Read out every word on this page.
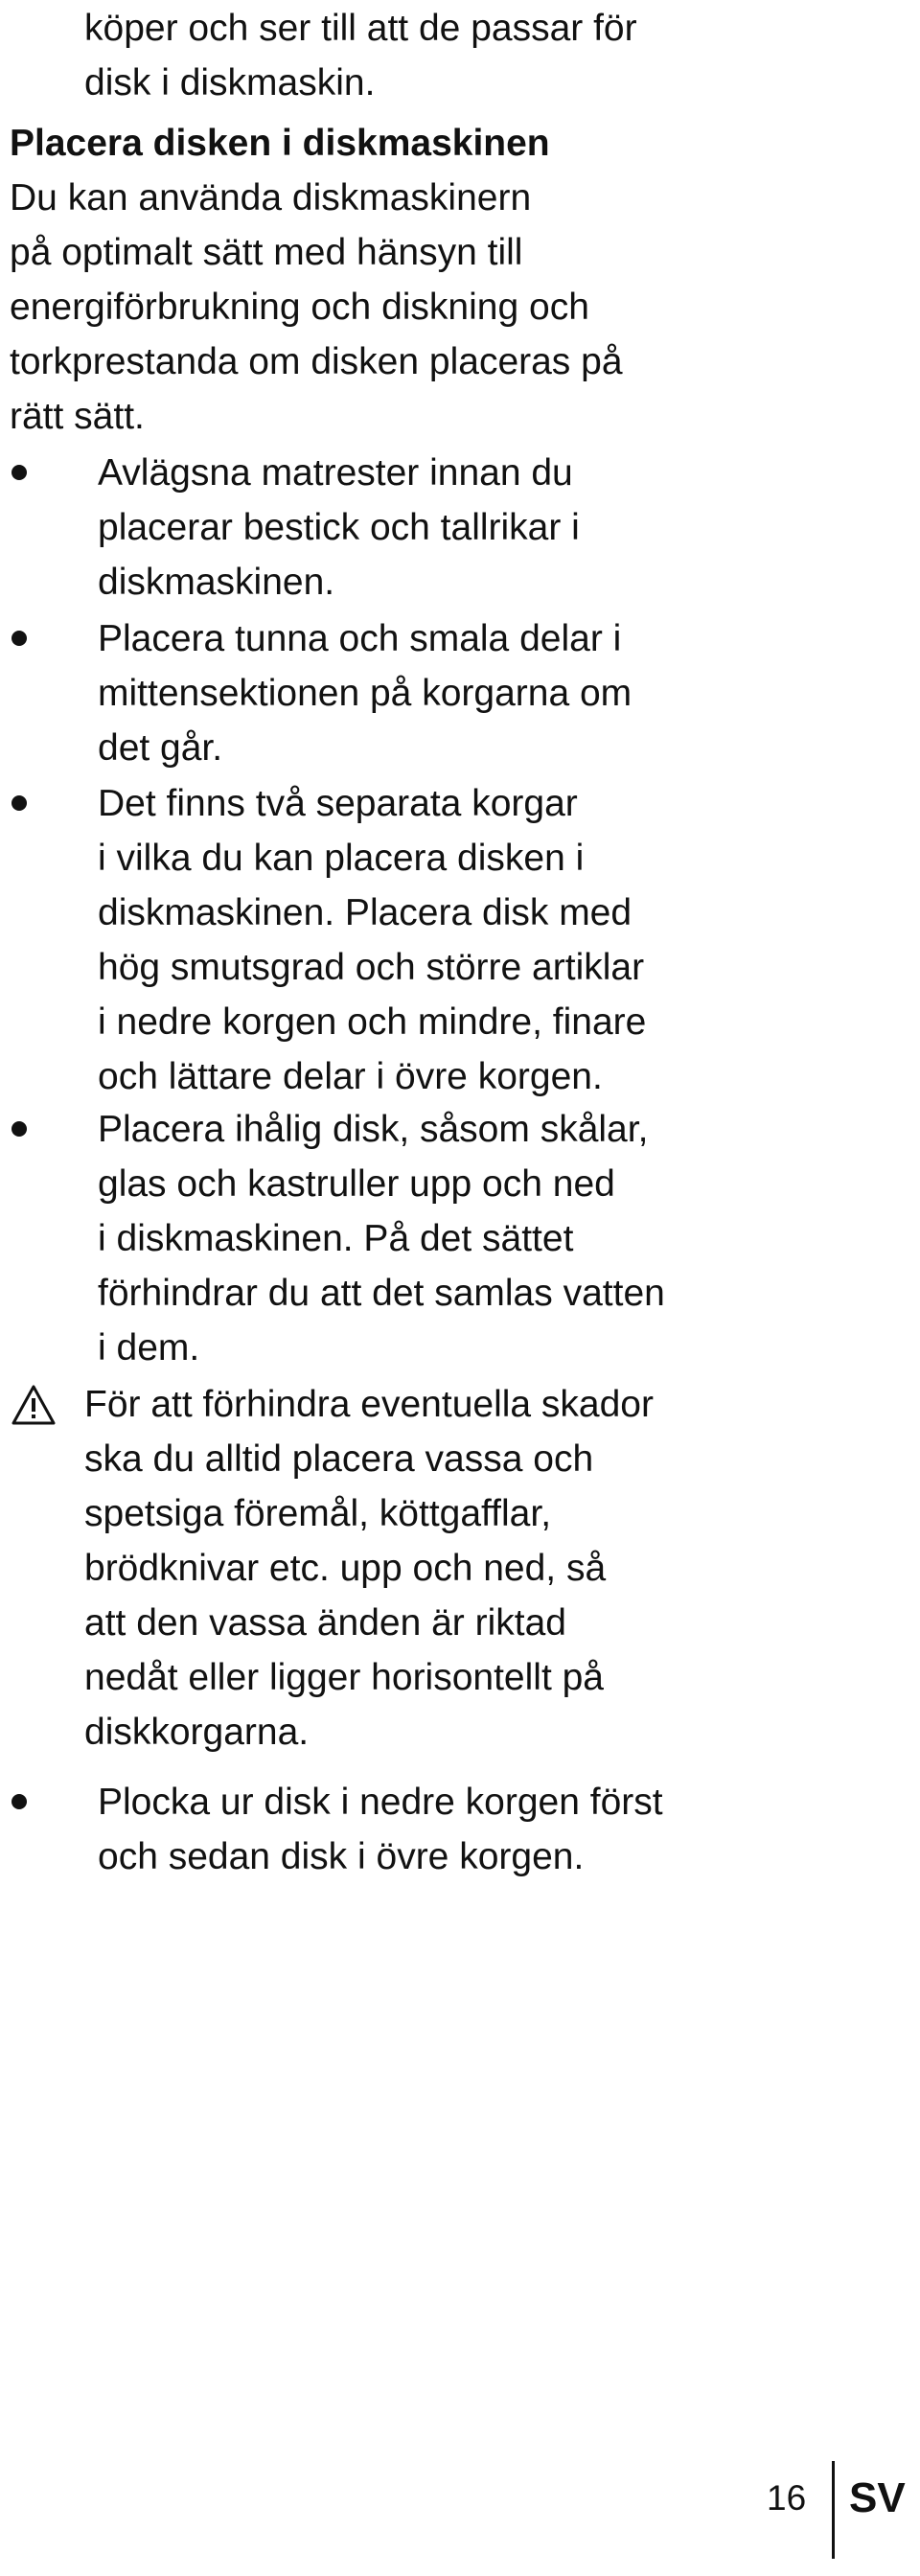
köper och ser till att de passar för
disk i diskmaskin.

Placera disken i diskmaskinen

Du kan använda diskmaskinern
på optimalt sätt med hänsyn till
energiförbrukning och diskning och
torkprestanda om disken placeras på
rätt sätt.

Avlägsna matrester innan du
placerar bestick och tallrikar i
diskmaskinen.
Placera tunna och smala delar i
mittensektionen på korgarna om
det går.
Det finns två separata korgar
i vilka du kan placera disken i
diskmaskinen. Placera disk med
hög smutsgrad och större artiklar
i nedre korgen och mindre, finare
och lättare delar i övre korgen.
Placera ihålig disk, såsom skålar,
glas och kastruller upp och ned
i diskmaskinen. På det sättet
förhindrar du att det samlas vatten
i dem.
För att förhindra eventuella skador
ska du alltid placera vassa och
spetsiga föremål, köttgafflar,
brödknivar etc. upp och ned, så
att den vassa änden är riktad
nedåt eller ligger horisontellt på
diskkorgarna.
Plocka ur disk i nedre korgen först
och sedan disk i övre korgen.
16 SV
